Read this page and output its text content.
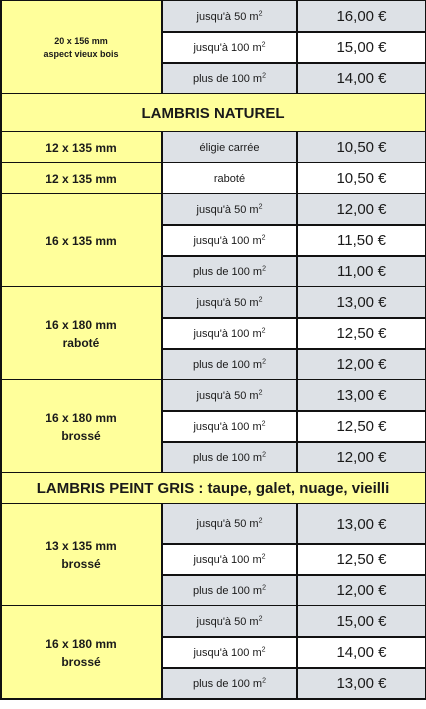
20 x 156 mm
aspect vieux bois
jusqu'à 50 $m^2$	16,00 €
jusqu'à 100 $m^2$	15,00 €
plus de 100 $m^2$	14,00 €
LAMBRIS NATUREL
12 x 135 mm	éligie carrée	10,50 €
12 x 135 mm	raboté	10,50 €
16 x 135 mm
jusqu'à 50 $m^2$	12,00 €
jusqu'à 100 $m^2$	11,50 €
plus de 100 $m^2$	11,00 €
16 x 180 mm
raboté
jusqu'à 50 $m^2$	13,00 €
jusqu'à 100 $m^2$	12,50 €
plus de 100 $m^2$	12,00 €
16 x 180 mm
brossé
jusqu'à 50 $m^2$	13,00 €
jusqu'à 100 $m^2$	12,50 €
plus de 100 $m^2$	12,00 €
LAMBRIS PEINT GRIS : taupe, galet, nuage, vieilli
13 x 135 mm
brossé
jusqu'à 50 $m^2$	13,00 €
jusqu'à 100 $m^2$	12,50 €
plus de 100 $m^2$	12,00 €
16 x 180 mm
brossé
jusqu'à 50 $m^2$	15,00 €
jusqu'à 100 $m^2$	14,00 €
plus de 100 $m^2$	13,00 €
